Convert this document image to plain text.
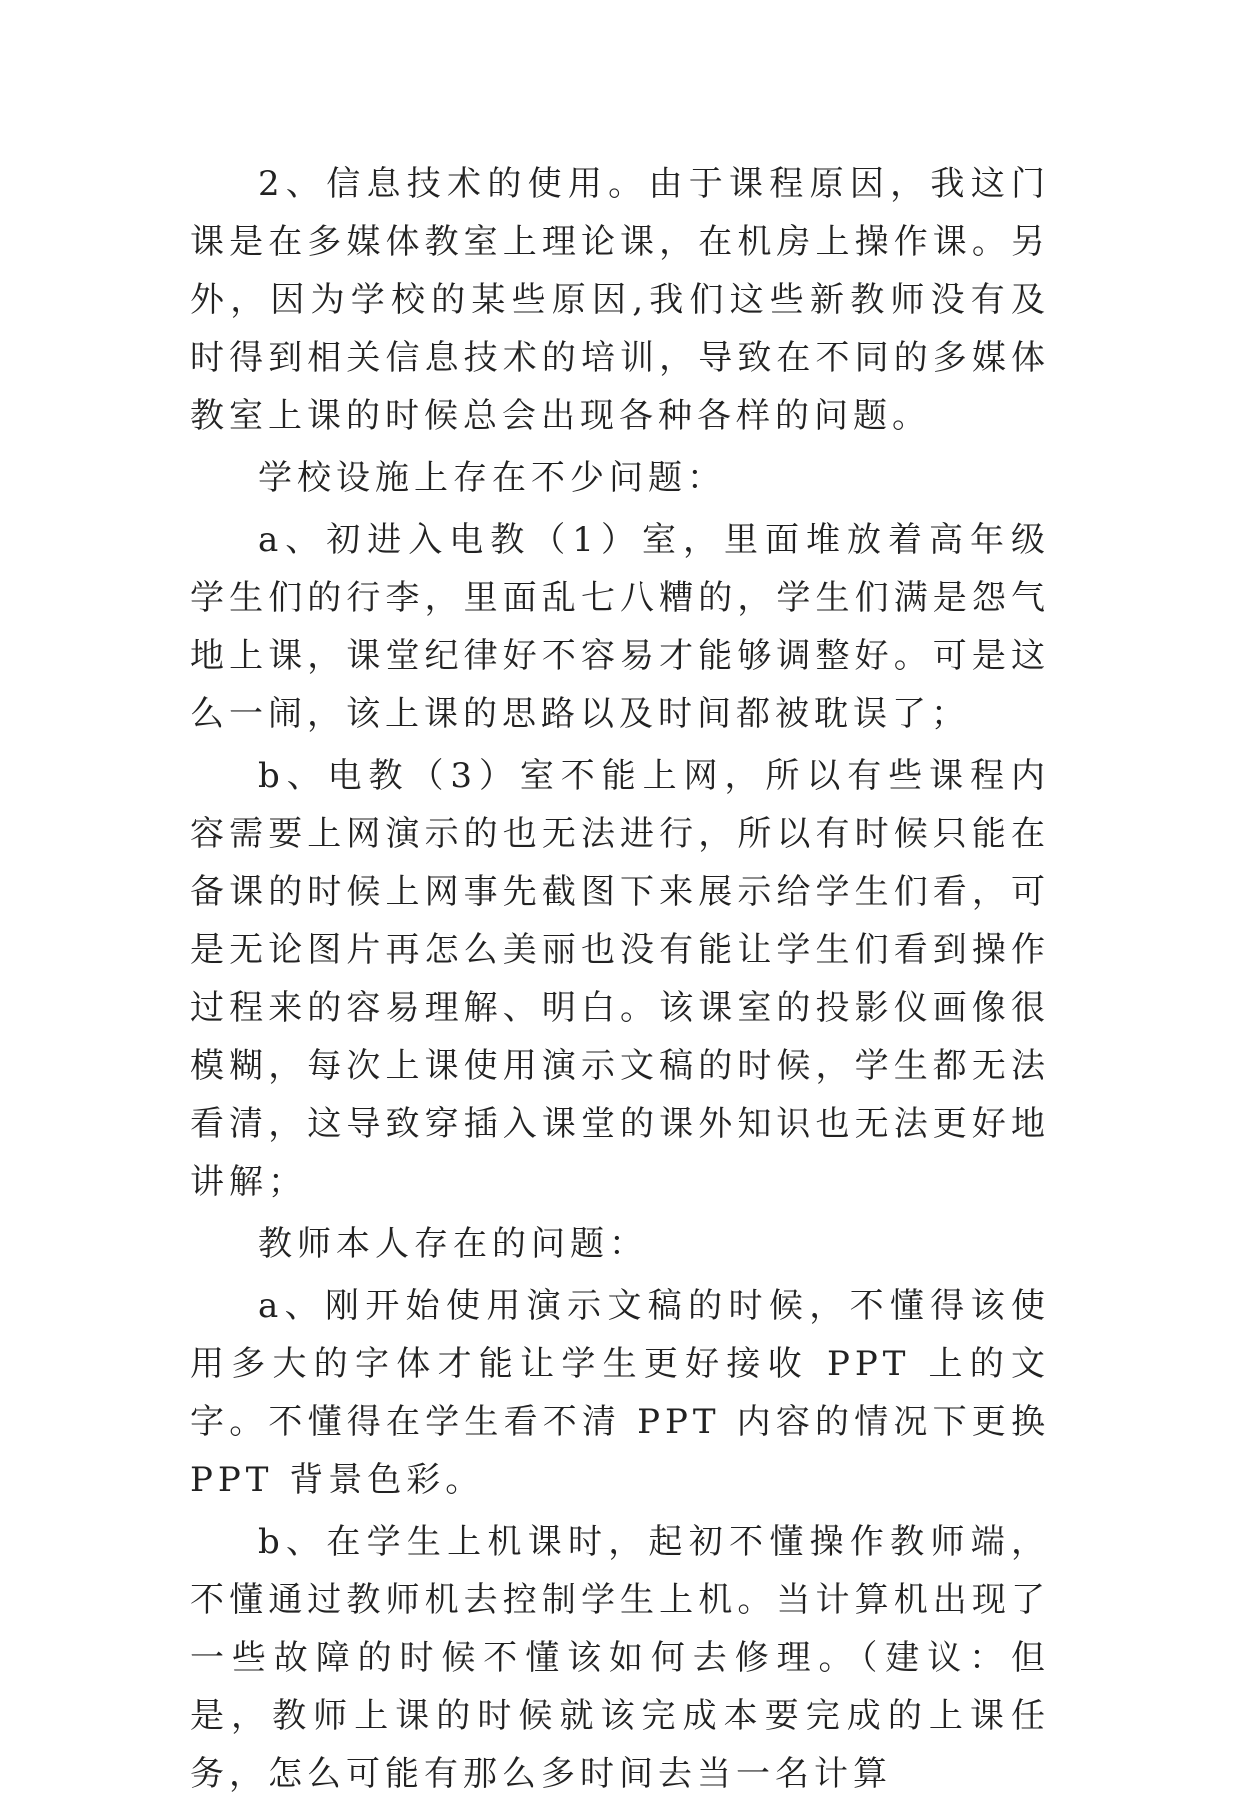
2、信息技术的使用。由于课程原因，我这门课是在多媒体教室上理论课，在机房上操作课。另外，因为学校的某些原因,我们这些新教师没有及时得到相关信息技术的培训，导致在不同的多媒体教室上课的时候总会出现各种各样的问题。

学校设施上存在不少问题：

a、初进入电教（1）室，里面堆放着高年级学生们的行李，里面乱七八糟的，学生们满是怨气地上课，课堂纪律好不容易才能够调整好。可是这么一闹，该上课的思路以及时间都被耽误了；

b、电教（3）室不能上网，所以有些课程内容需要上网演示的也无法进行，所以有时候只能在备课的时候上网事先截图下来展示给学生们看，可是无论图片再怎么美丽也没有能让学生们看到操作过程来的容易理解、明白。该课室的投影仪画像很模糊，每次上课使用演示文稿的时候，学生都无法看清，这导致穿插入课堂的课外知识也无法更好地讲解；

教师本人存在的问题：

a、刚开始使用演示文稿的时候，不懂得该使用多大的字体才能让学生更好接收 PPT 上的文字。不懂得在学生看不清 PPT 内容的情况下更换 PPT 背景色彩。

b、在学生上机课时，起初不懂操作教师端，不懂通过教师机去控制学生上机。当计算机出现了一些故障的时候不懂该如何去修理。（建议：但是，教师上课的时候就该完成本要完成的上课任务，怎么可能有那么多时间去当一名计算
